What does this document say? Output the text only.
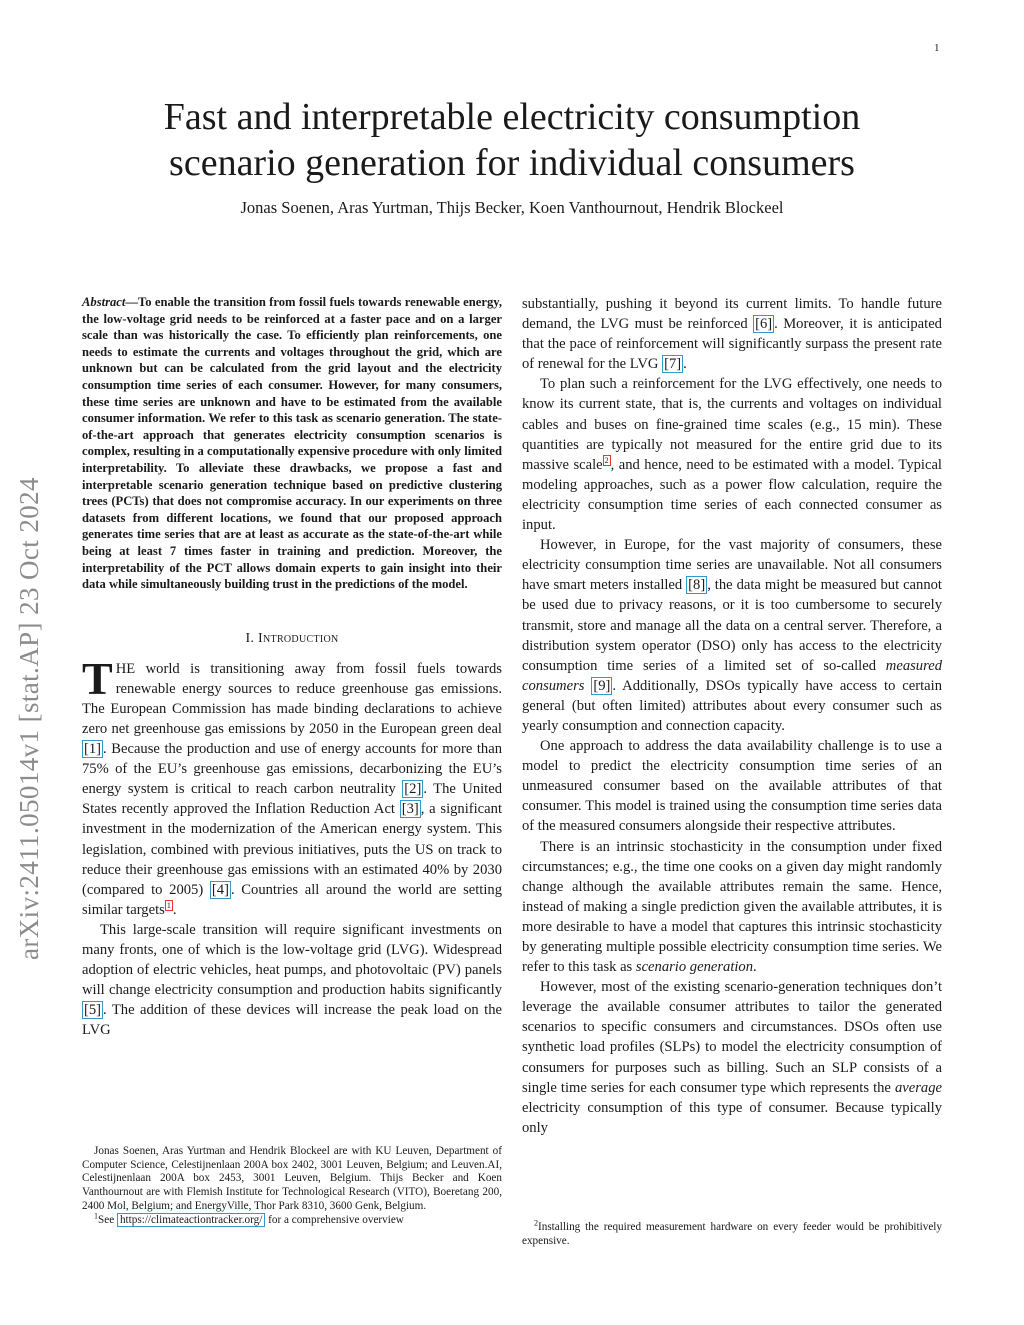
1
arXiv:2411.05014v1 [stat.AP] 23 Oct 2024
Fast and interpretable electricity consumption
scenario generation for individual consumers
Jonas Soenen, Aras Yurtman, Thijs Becker, Koen Vanthournout, Hendrik Blockeel

Abstract—To enable the transition from fossil fuels towards renewable energy, the low-voltage grid needs to be reinforced at a faster pace and on a larger scale than was historically the case. To efficiently plan reinforcements, one needs to estimate the currents and voltages throughout the grid, which are unknown but can be calculated from the grid layout and the electricity consumption time series of each consumer. However, for many consumers, these time series are unknown and have to be estimated from the available consumer information. We refer to this task as scenario generation. The state-of-the-art approach that generates electricity consumption scenarios is complex, resulting in a computationally expensive procedure with only limited interpretability. To alleviate these drawbacks, we propose a fast and interpretable scenario generation technique based on predictive clustering trees (PCTs) that does not compromise accuracy. In our experiments on three datasets from different locations, we found that our proposed approach generates time series that are at least as accurate as the state-of-the-art while being at least 7 times faster in training and prediction. Moreover, the interpretability of the PCT allows domain experts to gain insight into their data while simultaneously building trust in the predictions of the model.

I. Introduction

THE world is transitioning away from fossil fuels towards renewable energy sources to reduce greenhouse gas emissions. The European Commission has made binding declarations to achieve zero net greenhouse gas emissions by 2050 in the European green deal [1] . Because the production and use of energy accounts for more than 75% of the EU’s greenhouse gas emissions, decarbonizing the EU’s energy system is critical to reach carbon neutrality [2] . The United States recently approved the Inflation Reduction Act [3] , a significant investment in the modernization of the American energy system. This legislation, combined with previous initiatives, puts the US on track to reduce their greenhouse gas emissions with an estimated 40% by 2030 (compared to 2005) [4] . Countries all around the world are setting similar targets $^1$ .

This large-scale transition will require significant investments on many fronts, one of which is the low-voltage grid (LVG). Widespread adoption of electric vehicles, heat pumps, and photovoltaic (PV) panels will change electricity consumption and production habits significantly [5] . The addition of these devices will increase the peak load on the LVG

substantially, pushing it beyond its current limits. To handle future demand, the LVG must be reinforced [6] . Moreover, it is anticipated that the pace of reinforcement will significantly surpass the present rate of renewal for the LVG [7] .

To plan such a reinforcement for the LVG effectively, one needs to know its current state, that is, the currents and voltages on individual cables and buses on fine-grained time scales (e.g., 15 min). These quantities are typically not measured for the entire grid due to its massive scale $^2$ , and hence, need to be estimated with a model. Typical modeling approaches, such as a power flow calculation, require the electricity consumption time series of each connected consumer as input.

However, in Europe, for the vast majority of consumers, these electricity consumption time series are unavailable. Not all consumers have smart meters installed [8] , the data might be measured but cannot be used due to privacy reasons, or it is too cumbersome to securely transmit, store and manage all the data on a central server. Therefore, a distribution system operator (DSO) only has access to the electricity consumption time series of a limited set of so-called measured consumers [9] . Additionally, DSOs typically have access to certain general (but often limited) attributes about every consumer such as yearly consumption and connection capacity.

One approach to address the data availability challenge is to use a model to predict the electricity consumption time series of an unmeasured consumer based on the available attributes of that consumer. This model is trained using the consumption time series data of the measured consumers alongside their respective attributes.

There is an intrinsic stochasticity in the consumption under fixed circumstances; e.g., the time one cooks on a given day might randomly change although the available attributes remain the same. Hence, instead of making a single prediction given the available attributes, it is more desirable to have a model that captures this intrinsic stochasticity by generating multiple possible electricity consumption time series. We refer to this task as scenario generation.

However, most of the existing scenario-generation techniques don’t leverage the available consumer attributes to tailor the generated scenarios to specific consumers and circumstances. DSOs often use synthetic load profiles (SLPs) to model the electricity consumption of consumers for purposes such as billing. Such an SLP consists of a single time series for each consumer type which represents the average electricity consumption of this type of consumer. Because typically only

Jonas Soenen, Aras Yurtman and Hendrik Blockeel are with KU Leuven, Department of Computer Science, Celestijnenlaan 200A box 2402, 3001 Leuven, Belgium; and Leuven.AI, Celestijnenlaan 200A box 2453, 3001 Leuven, Belgium. Thijs Becker and Koen Vanthournout are with Flemish Institute for Technological Research (VITO), Boeretang 200, 2400 Mol, Belgium; and EnergyVille, Thor Park 8310, 3600 Genk, Belgium.

$^1$See https://climateactiontracker.org/ for a comprehensive overview	$^2$Installing the required measurement hardware on every feeder would be prohibitively expensive.
